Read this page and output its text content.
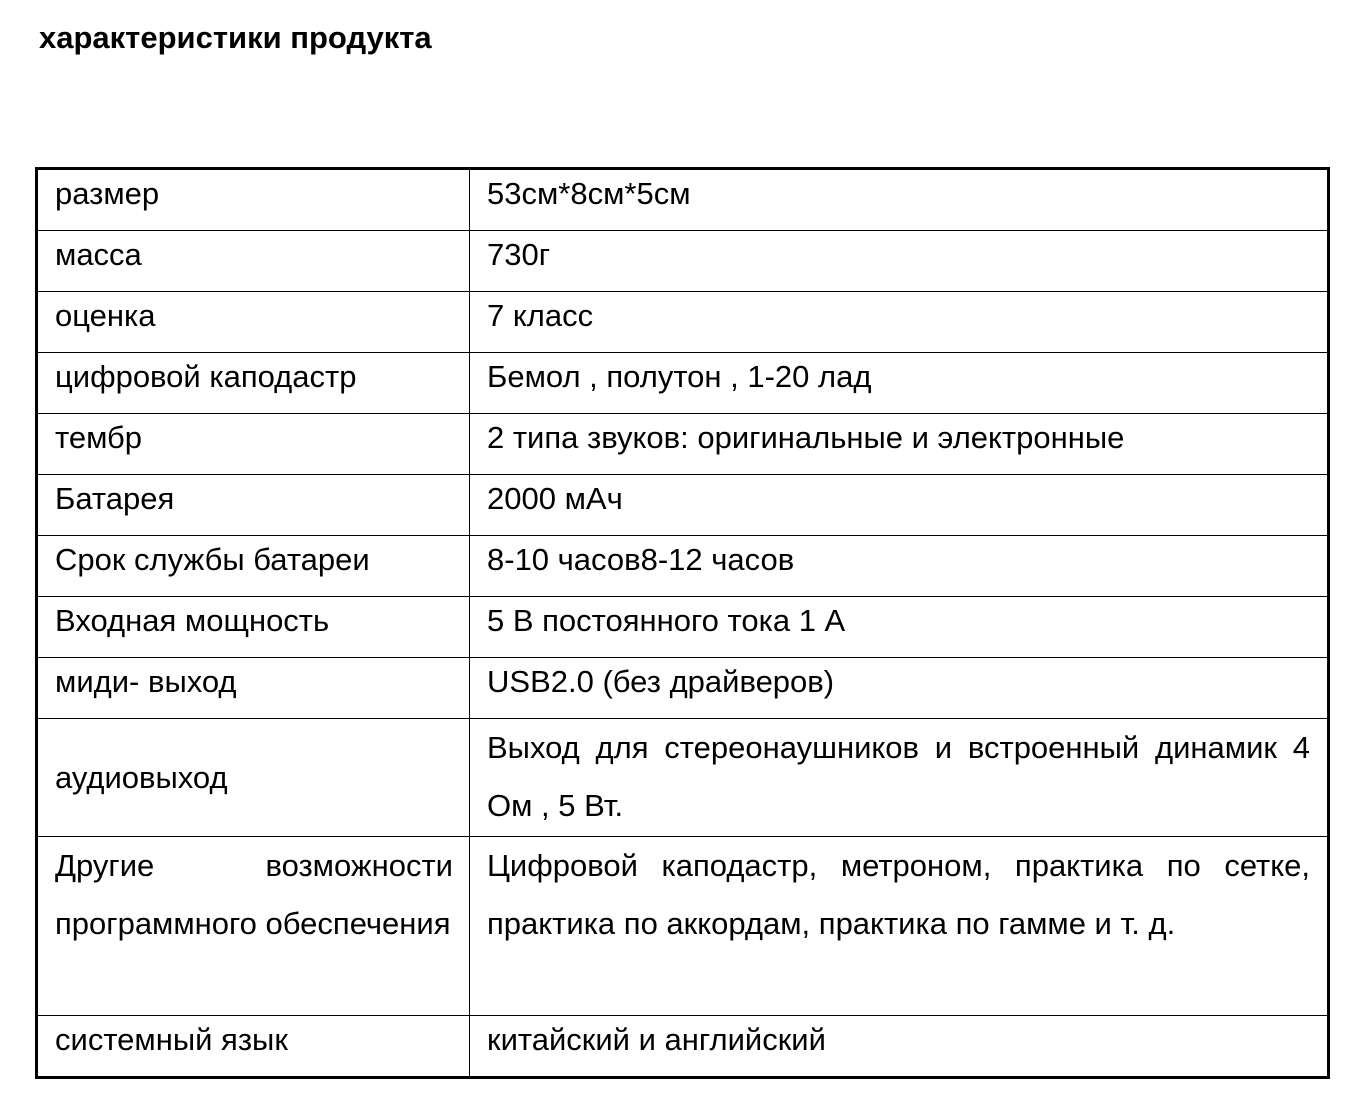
характеристики продукта
размер	53см*8см*5см

масса	730г

оценка	7 класс

цифровой каподастр	Бемол , полутон , 1-20 лад

тембр	2 типа звуков: оригинальные и электронные

Батарея	2000 мАч

Срок службы батареи	8-10 часов8-12 часов

Входная мощность	5 В постоянного тока 1 А

миди- выход	USB2.0 (без драйверов)

аудиовыход	Выход для стереонаушников и встроенный динамик 4 Ом , 5 Вт.

Другие возможности программного обеспечения	Цифровой каподастр, метроном, практика по сетке, практика по аккордам, практика по гамме и т. д.

системный язык	китайский и английский
